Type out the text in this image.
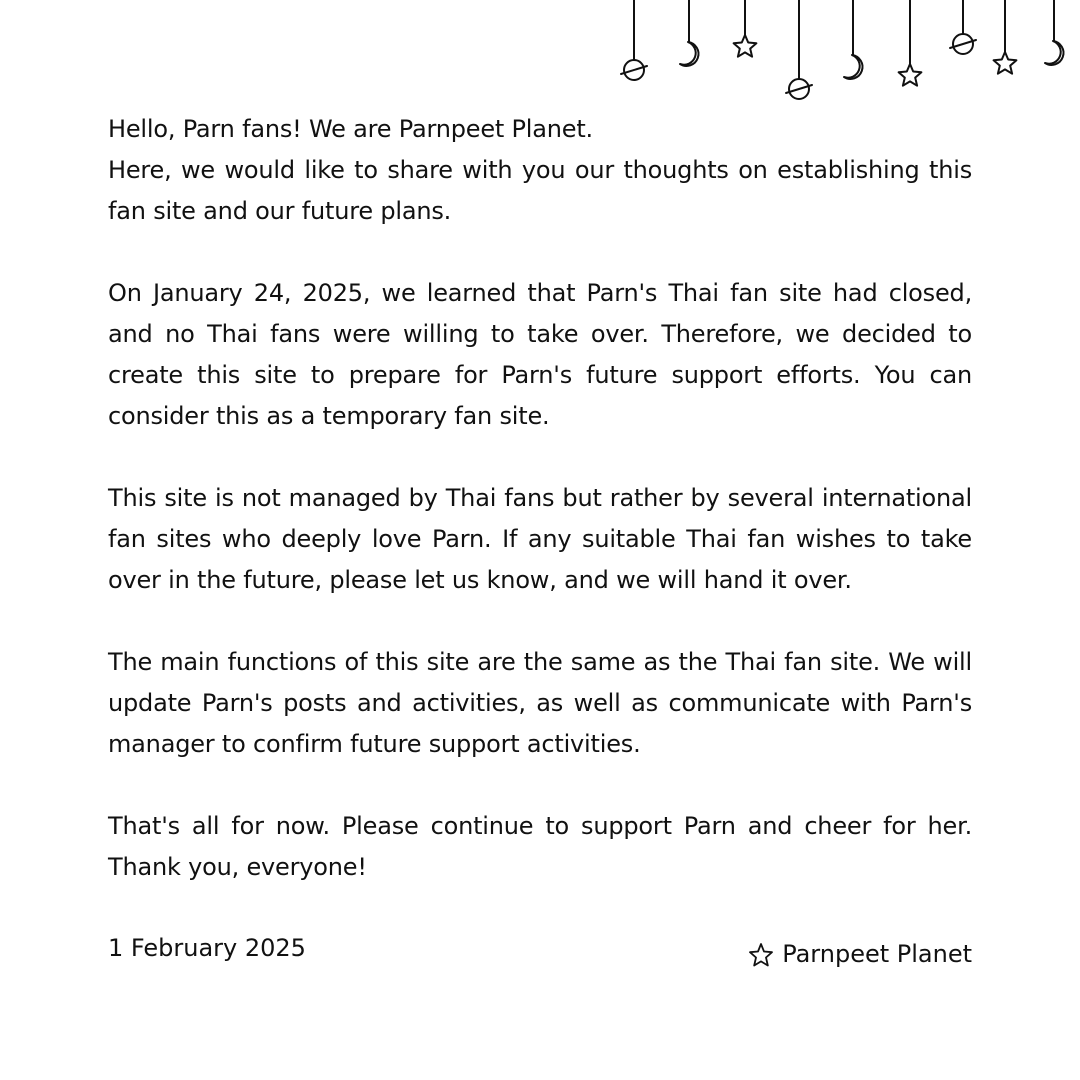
Hello, Parn fans! We are Parnpeet Planet.
Here, we would like to share with you our thoughts on establishing this fan site and our future plans.

On January 24, 2025, we learned that Parn's Thai fan site had closed, and no Thai fans were willing to take over. Therefore, we decided to create this site to prepare for Parn's future support efforts. You can consider this as a temporary fan site.

This site is not managed by Thai fans but rather by several international fan sites who deeply love Parn. If any suitable Thai fan wishes to take over in the future, please let us know, and we will hand it over.

The main functions of this site are the same as the Thai fan site. We will update Parn's posts and activities, as well as communicate with Parn's manager to confirm future support activities.

That's all for now. Please continue to support Parn and cheer for her. Thank you, everyone!

1 February 2025	Parnpeet Planet
